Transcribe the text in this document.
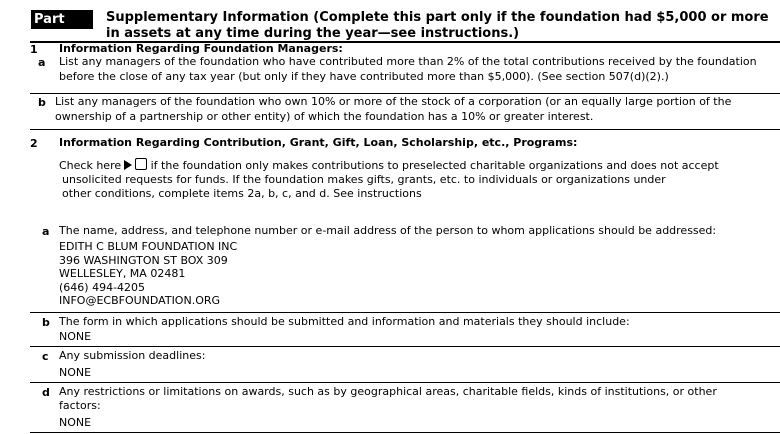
Part XIV
Supplementary Information (Complete this part only if the foundation had $5,000 or more in assets at any time during the year—see instructions.)
1 Information Regarding Foundation Managers:
a List any managers of the foundation who have contributed more than 2% of the total contributions received by the foundation before the close of any tax year (but only if they have contributed more than $5,000). (See section 507(d)(2).)
b List any managers of the foundation who own 10% or more of the stock of a corporation (or an equally large portion of the ownership of a partnership or other entity) of which the foundation has a 10% or greater interest.
2 Information Regarding Contribution, Grant, Gift, Loan, Scholarship, etc., Programs:
Check here	if the foundation only makes contributions to preselected charitable organizations and does not accept
unsolicited requests for funds. If the foundation makes gifts, grants, etc. to individuals or organizations under
other conditions, complete items 2a, b, c, and d. See instructions
a The name, address, and telephone number or e-mail address of the person to whom applications should be addressed:
EDITH C BLUM FOUNDATION INC
396 WASHINGTON ST BOX 309
WELLESLEY, MA 02481
(646) 494-4205
INFO@ECBFOUNDATION.ORG
b The form in which applications should be submitted and information and materials they should include:
NONE
c Any submission deadlines:
NONE
d Any restrictions or limitations on awards, such as by geographical areas, charitable fields, kinds of institutions, or other
factors:
NONE
